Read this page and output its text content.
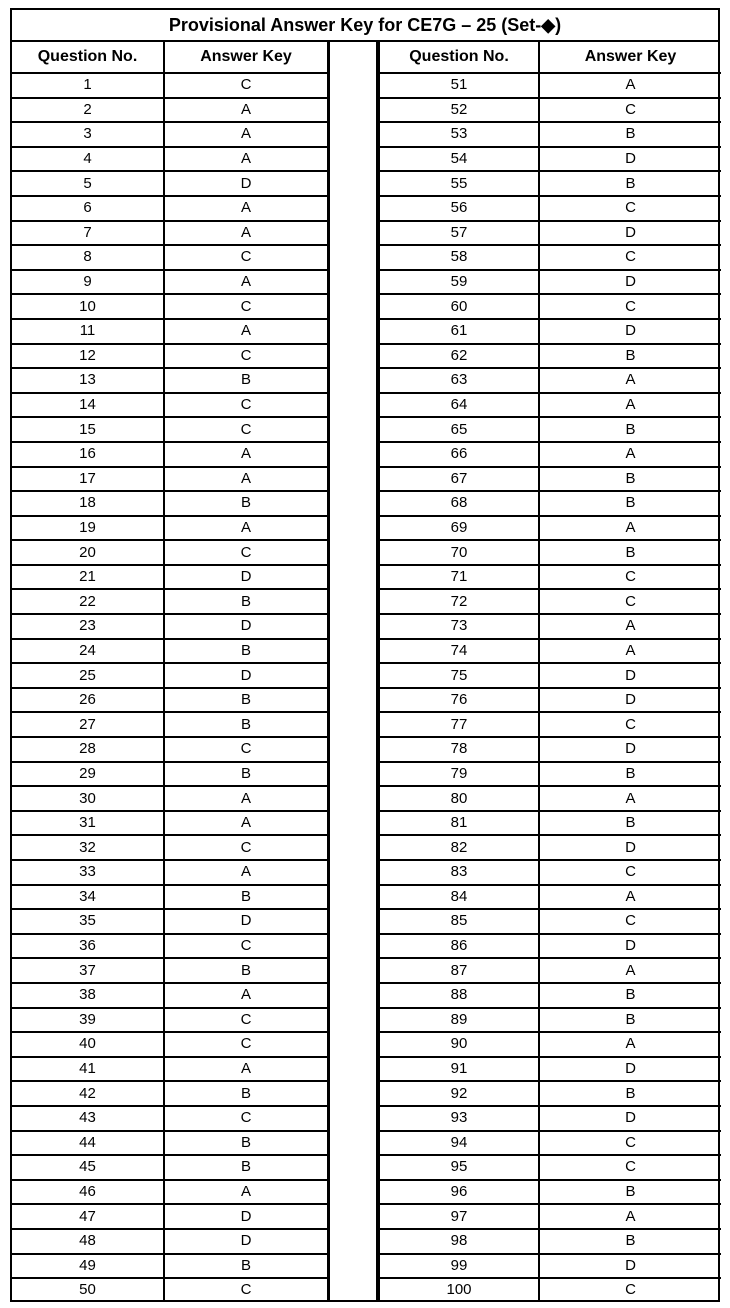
Provisional Answer Key for CE7G – 25 (Set-◆)
Question No.	Answer Key
1	C
2	A
3	A
4	A
5	D
6	A
7	A
8	C
9	A
10	C
11	A
12	C
13	B
14	C
15	C
16	A
17	A
18	B
19	A
20	C
21	D
22	B
23	D
24	B
25	D
26	B
27	B
28	C
29	B
30	A
31	A
32	C
33	A
34	B
35	D
36	C
37	B
38	A
39	C
40	C
41	A
42	B
43	C
44	B
45	B
46	A
47	D
48	D
49	B
50	C
Question No.	Answer Key
51	A
52	C
53	B
54	D
55	B
56	C
57	D
58	C
59	D
60	C
61	D
62	B
63	A
64	A
65	B
66	A
67	B
68	B
69	A
70	B
71	C
72	C
73	A
74	A
75	D
76	D
77	C
78	D
79	B
80	A
81	B
82	D
83	C
84	A
85	C
86	D
87	A
88	B
89	B
90	A
91	D
92	B
93	D
94	C
95	C
96	B
97	A
98	B
99	D
100	C
